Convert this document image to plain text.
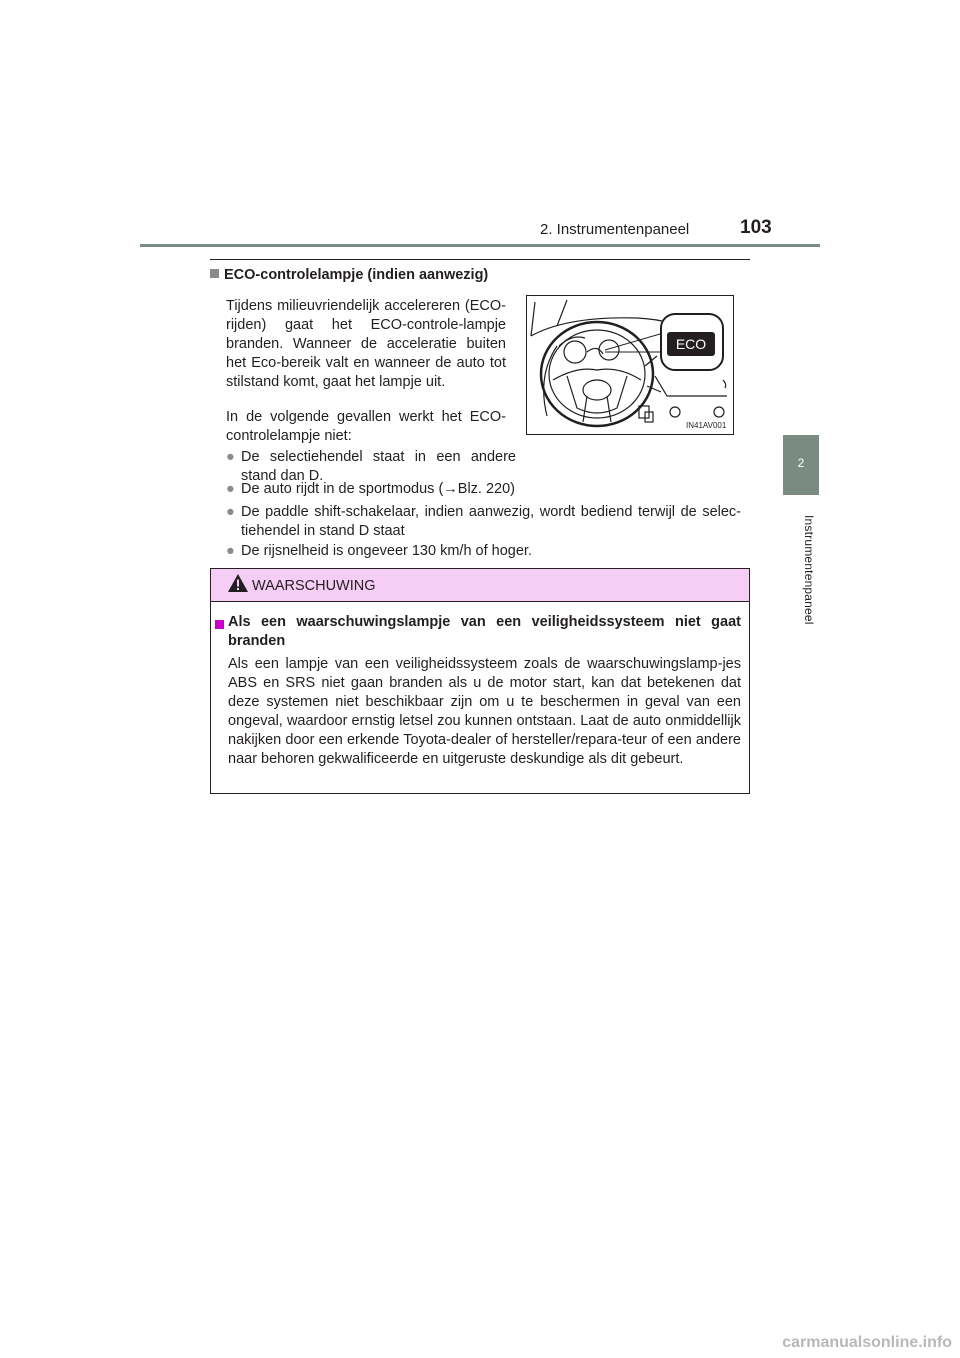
2. Instrumentenpaneel	103
2
Instrumentenpaneel
ECO-controlelampje (indien aanwezig)
Tijdens milieuvriendelijk accelereren (ECO-rijden) gaat het ECO-controle-lampje branden. Wanneer de acceleratie buiten het Eco-bereik valt en wanneer de auto tot stilstand komt, gaat het lampje uit.
In de volgende gevallen werkt het ECO-controlelampje niet:
● De selectiehendel staat in een andere stand dan D.
● De auto rijdt in de sportmodus (→Blz. 220)
● De paddle shift-schakelaar, indien aanwezig, wordt bediend terwijl de selec-tiehendel in stand D staat
● De rijsnelheid is ongeveer 130 km/h of hoger.
ECO
IN41AV001
WAARSCHUWING
Als een waarschuwingslampje van een veiligheidssysteem niet gaat branden
Als een lampje van een veiligheidssysteem zoals de waarschuwingslamp-jes ABS en SRS niet gaan branden als u de motor start, kan dat betekenen dat deze systemen niet beschikbaar zijn om u te beschermen in geval van een ongeval, waardoor ernstig letsel zou kunnen ontstaan. Laat de auto onmiddellijk nakijken door een erkende Toyota-dealer of hersteller/repara-teur of een andere naar behoren gekwalificeerde en uitgeruste deskundige als dit gebeurt.
carmanualsonline.info
